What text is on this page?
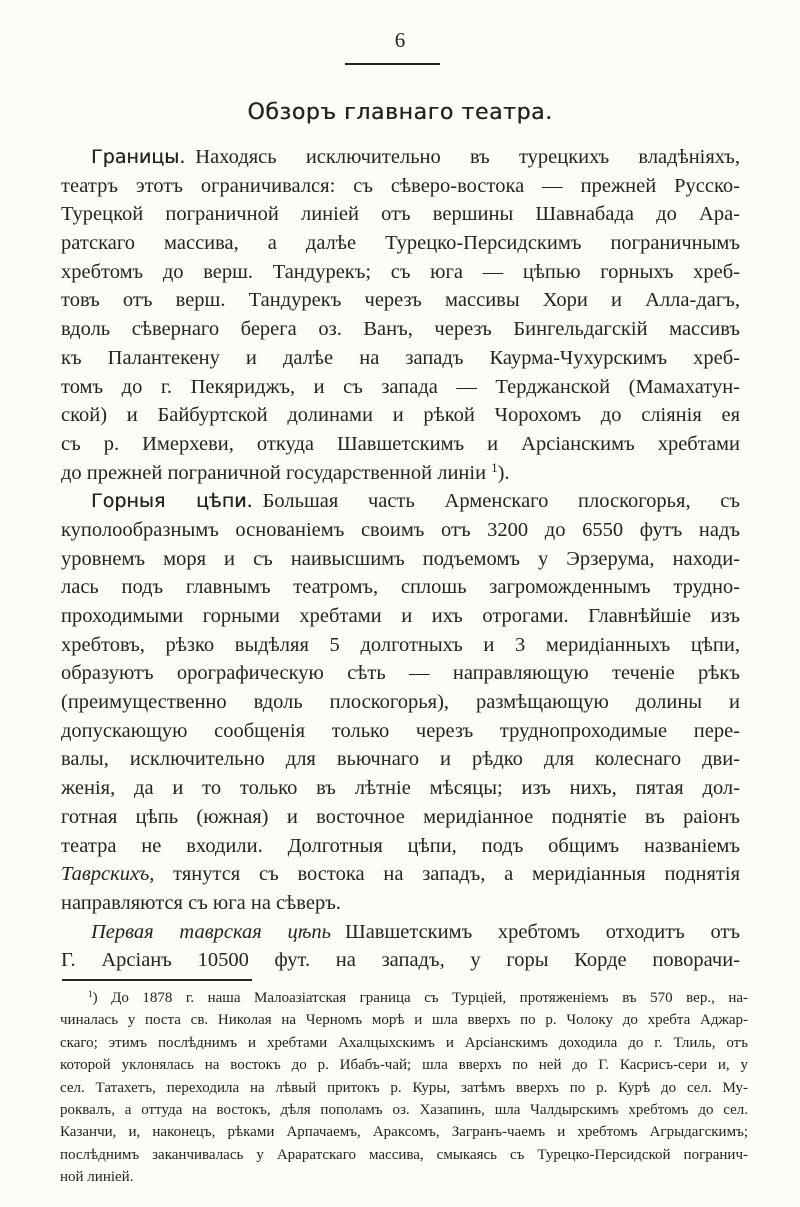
6
Обзоръ главнаго театра.
Границы. Находясь исключительно въ турецкихъ владѣніяхъ,
театръ этотъ ограничивался: съ сѣверо-востока — прежней Русско-
Турецкой пограничной линіей отъ вершины Шавнабада до Ара-
ратскаго массива, а далѣе Турецко-Персидскимъ пограничнымъ
хребтомъ до верш. Тандурекъ; съ юга — цѣпью горныхъ хреб-
товъ отъ верш. Тандурекъ черезъ массивы Хори и Алла-дагъ,
вдоль сѣвернаго берега оз. Ванъ, черезъ Бингельдагскій массивъ
къ Палантекену и далѣе на западъ Каурма-Чухурскимъ хреб-
томъ до г. Пекяриджъ, и съ запада — Терджанской (Мамахатун-
ской) и Байбуртской долинами и рѣкой Чорохомъ до сліянія ея
съ р. Имерхеви, откуда Шавшетскимъ и Арсіанскимъ хребтами
до прежней пограничной государственной линіи $^1$).
Горныя цѣпи. Большая часть Арменскаго плоскогорья, съ
куполообразнымъ основаніемъ своимъ отъ 3200 до 6550 футъ надъ
уровнемъ моря и съ наивысшимъ подъемомъ у Эрзерума, находи-
лась подъ главнымъ театромъ, сплошь загроможденнымъ трудно-
проходимыми горными хребтами и ихъ отрогами. Главнѣйшіе изъ
хребтовъ, рѣзко выдѣляя 5 долготныхъ и 3 меридіанныхъ цѣпи,
образуютъ орографическую сѣть — направляющую теченіе рѣкъ
(преимущественно вдоль плоскогорья), размѣщающую долины и
допускающую сообщенія только черезъ труднопроходимые пере-
валы, исключительно для вьючнаго и рѣдко для колеснаго дви-
женія, да и то только въ лѣтніе мѣсяцы; изъ нихъ, пятая дол-
готная цѣпь (южная) и восточное меридіанное поднятіе въ раіонъ
театра не входили. Долготныя цѣпи, подъ общимъ названіемъ
Таврскихъ, тянутся съ востока на западъ, а меридіанныя поднятія
направляются съ юга на сѣверъ.
Первая таврская цѣпь Шавшетскимъ хребтомъ отходитъ отъ
Г. Арсіанъ 10500 фут. на западъ, у горы Корде поворачи-
$^1$) До 1878 г. наша Малоазіатская граница съ Турціей, протяженіемъ въ 570 вер., на-
чиналась у поста св. Николая на Черномъ морѣ и шла вверхъ по р. Чолоку до хребта Аджар-
скаго; этимъ послѣднимъ и хребтами Ахалцыхскимъ и Арсіанскимъ доходила до г. Тлиль, отъ
которой уклонялась на востокъ до р. Ибабъ-чай; шла вверхъ по ней до Г. Касрисъ-сери и, у
сел. Татахетъ, переходила на лѣвый притокъ р. Куры, затѣмъ вверхъ по р. Курѣ до сел. Му-
роквалъ, а оттуда на востокъ, дѣля пополамъ оз. Хазапинъ, шла Чалдырскимъ хребтомъ до сел.
Казанчи, и, наконецъ, рѣками Арпачаемъ, Араксомъ, Загранъ-чаемъ и хребтомъ Агрыдагскимъ;
послѣднимъ заканчивалась у Араратскаго массива, смыкаясь съ Турецко-Персидской погранич-
ной линіей.
